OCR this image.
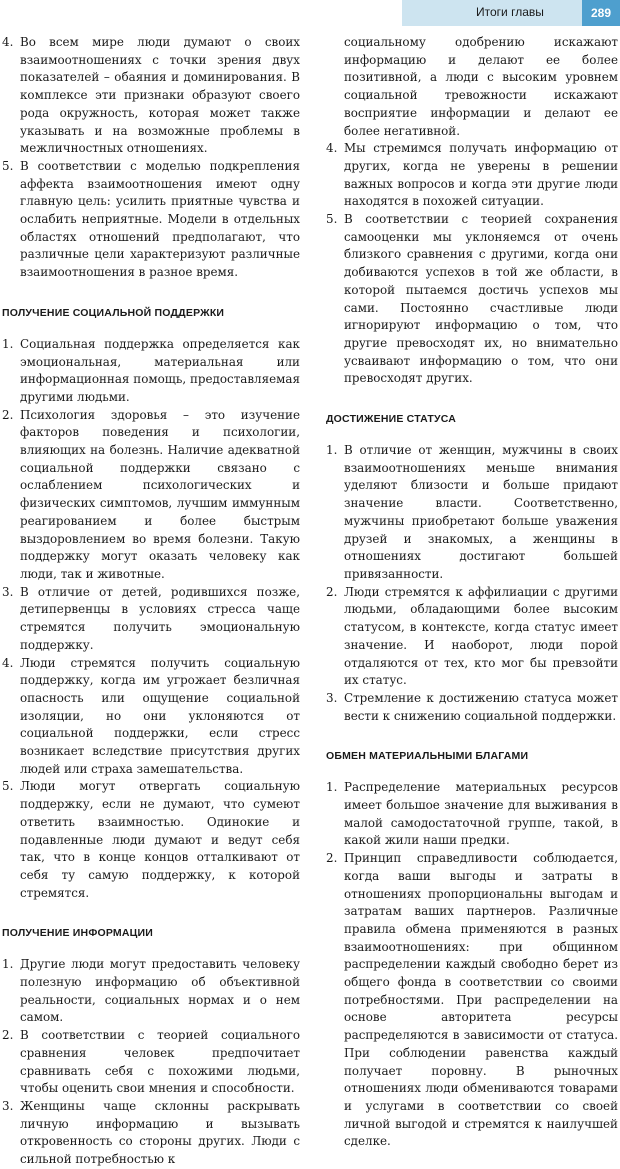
Итоги главы	289
4. Во всем мире люди думают о своих взаимоотношениях с точки зрения двух показателей – обаяния и доминирования. В комплексе эти признаки образуют своего рода окружность, которая может также указывать и на возможные проблемы в межличностных отношениях.
5. В соответствии с моделью подкрепления аффекта взаимоотношения имеют одну главную цель: усилить приятные чувства и ослабить неприятные. Модели в отдельных областях отношений предполагают, что различные цели характеризуют различные взаимоотношения в разное время.
ПОЛУЧЕНИЕ СОЦИАЛЬНОЙ ПОДДЕРЖКИ
1. Социальная поддержка определяется как эмоциональная, материальная или информационная помощь, предоставляемая другими людьми.
2. Психология здоровья – это изучение факторов поведения и психологии, влияющих на болезнь. Наличие адекватной социальной поддержки связано с ослаблением психологических и физических симптомов, лучшим иммунным реагированием и более быстрым выздоровлением во время болезни. Такую поддержку могут оказать человеку как люди, так и животные.
3. В отличие от детей, родившихся позже, детипервенцы в условиях стресса чаще стремятся получить эмоциональную поддержку.
4. Люди стремятся получить социальную поддержку, когда им угрожает безличная опасность или ощущение социальной изоляции, но они уклоняются от социальной поддержки, если стресс возникает вследствие присутствия других людей или страха замешательства.
5. Люди могут отвергать социальную поддержку, если не думают, что сумеют ответить взаимностью. Одинокие и подавленные люди думают и ведут себя так, что в конце концов отталкивают от себя ту самую поддержку, к которой стремятся.
ПОЛУЧЕНИЕ ИНФОРМАЦИИ
1. Другие люди могут предоставить человеку полезную информацию об объективной реальности, социальных нормах и о нем самом.
2. В соответствии с теорией социального сравнения человек предпочитает сравнивать себя с похожими людьми, чтобы оценить свои мнения и способности.
3. Женщины чаще склонны раскрывать личную информацию и вызывать откровенность со стороны других. Люди с сильной потребностью к
социальному одобрению искажают информацию и делают ее более позитивной, а люди с высоким уровнем социальной тревожности искажают восприятие информации и делают ее более негативной.
4. Мы стремимся получать информацию от других, когда не уверены в решении важных вопросов и когда эти другие люди находятся в похожей ситуации.
5. В соответствии с теорией сохранения самооценки мы уклоняемся от очень близкого сравнения с другими, когда они добиваются успехов в той же области, в которой пытаемся достичь успехов мы сами. Постоянно счастливые люди игнорируют информацию о том, что другие превосходят их, но внимательно усваивают информацию о том, что они превосходят других.
ДОСТИЖЕНИЕ СТАТУСА
1. В отличие от женщин, мужчины в своих взаимоотношениях меньше внимания уделяют близости и больше придают значение власти. Соответственно, мужчины приобретают больше уважения друзей и знакомых, а женщины в отношениях достигают большей привязанности.
2. Люди стремятся к аффилиации с другими людьми, обладающими более высоким статусом, в контексте, когда статус имеет значение. И наоборот, люди порой отдаляются от тех, кто мог бы превзойти их статус.
3. Стремление к достижению статуса может вести к снижению социальной поддержки.
ОБМЕН МАТЕРИАЛЬНЫМИ БЛАГАМИ
1. Распределение материальных ресурсов имеет большое значение для выживания в малой самодостаточной группе, такой, в какой жили наши предки.
2. Принцип справедливости соблюдается, когда ваши выгоды и затраты в отношениях пропорциональны выгодам и затратам ваших партнеров. Различные правила обмена применяются в разных взаимоотношениях: при общинном распределении каждый свободно берет из общего фонда в соответствии со своими потребностями. При распределении на основе авторитета ресурсы распределяются в зависимости от статуса. При соблюдении равенства каждый получает поровну. В рыночных отношениях люди обмениваются товарами и услугами в соответствии со своей личной выгодой и стремятся к наилучшей сделке.
